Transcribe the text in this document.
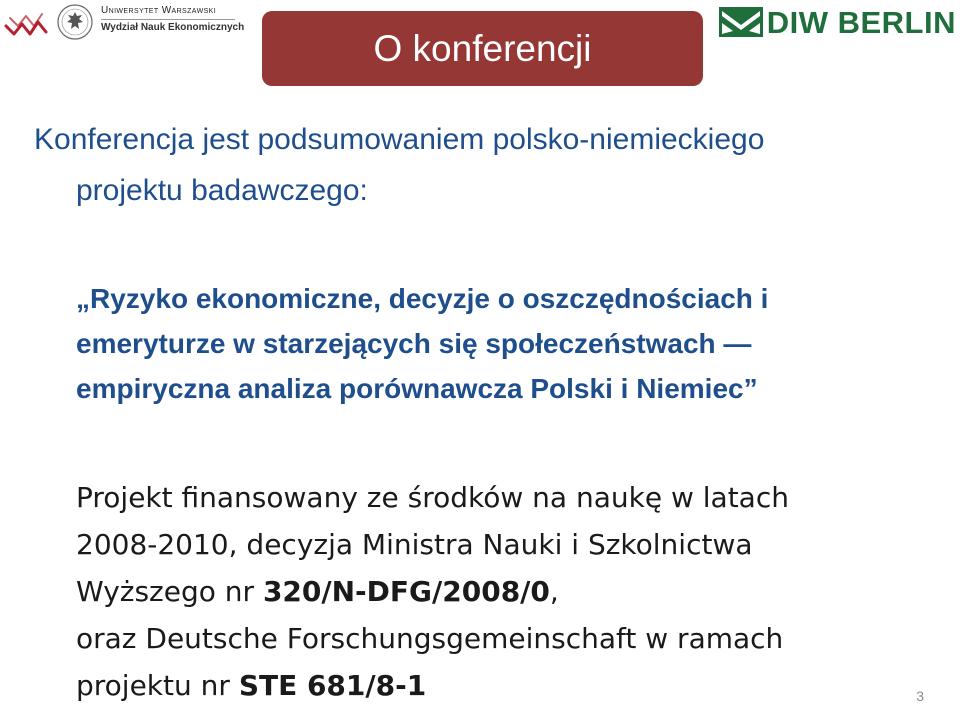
Uniwersytet Warszawski
Wydział Nauk Ekonomicznych	DIW BERLIN
O konferencji
Konferencja jest podsumowaniem polsko-niemieckiego
projektu badawczego:
„Ryzyko ekonomiczne, decyzje o oszczędnościach i
emeryturze w starzejących się społeczeństwach —
empiryczna analiza porównawcza Polski i Niemiec”
Projekt finansowany ze środków na naukę w latach
2008-2010, decyzja Ministra Nauki i Szkolnictwa
Wyższego nr 320/N-DFG/2008/0,
oraz Deutsche Forschungsgemeinschaft w ramach
projektu nr STE 681/8-1	3
